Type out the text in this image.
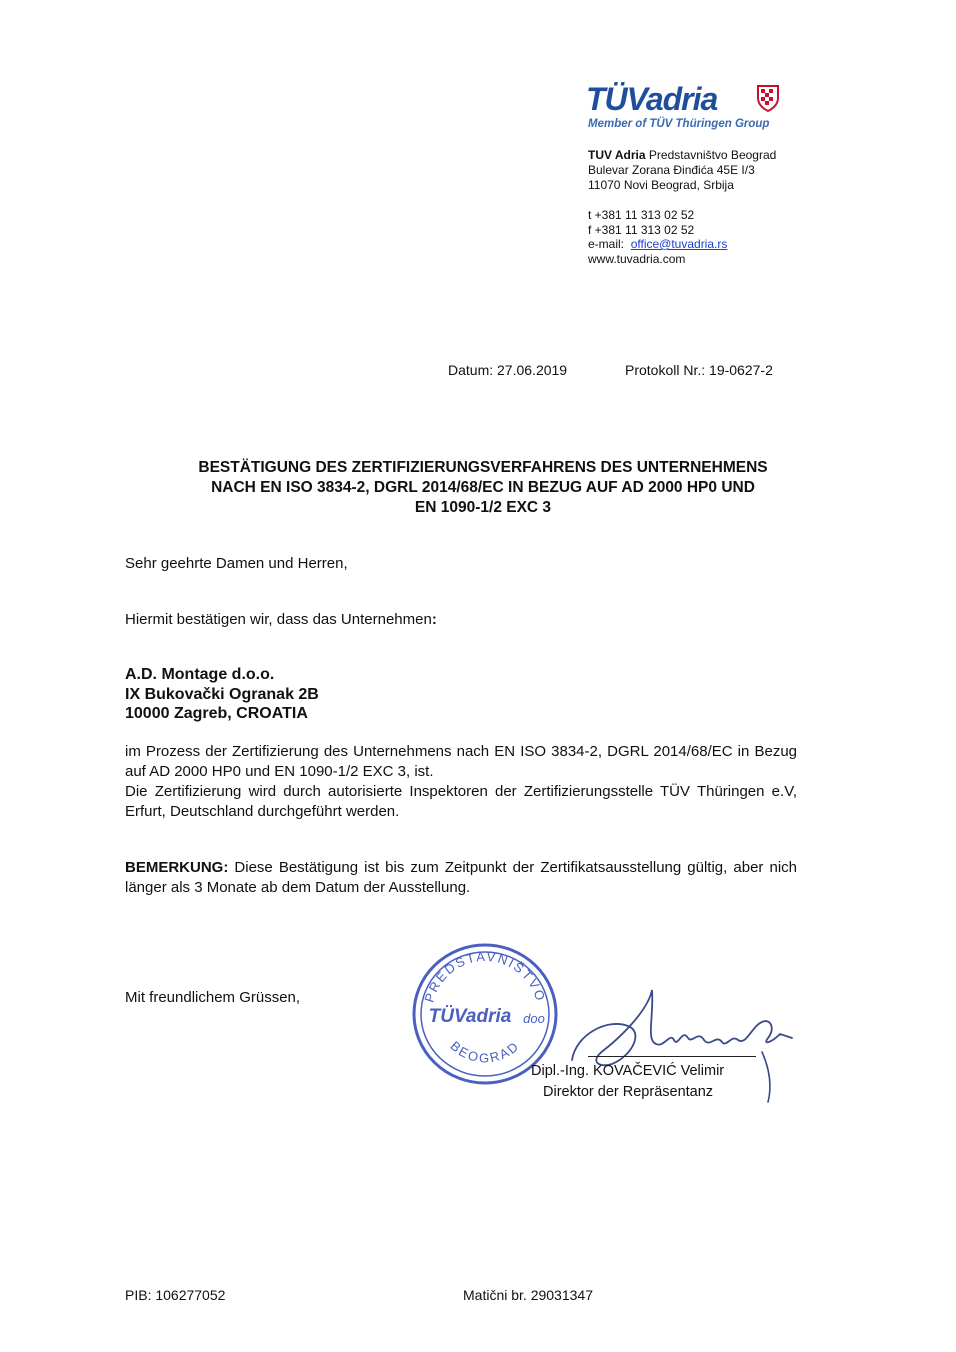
TÜVadria
Member of TÜV Thüringen Group
TUV Adria Predstavništvo Beograd
Bulevar Zorana Đinđića 45E I/3
11070 Novi Beograd, Srbija
t +381 11 313 02 52
f +381 11 313 02 52
e-mail: office@tuvadria.rs
www.tuvadria.com
Datum: 27.06.2019	Protokoll Nr.: 19-0627-2
BESTÄTIGUNG DES ZERTIFIZIERUNGSVERFAHRENS DES UNTERNEHMENS
NACH EN ISO 3834-2, DGRL 2014/68/EC IN BEZUG AUF AD 2000 HP0 UND
EN 1090-1/2 EXC 3
Sehr geehrte Damen und Herren,
Hiermit bestätigen wir, dass das Unternehmen:
A.D. Montage d.o.o.
IX Bukovački Ogranak 2B
10000 Zagreb, CROATIA
im Prozess der Zertifizierung des Unternehmens nach EN ISO 3834-2, DGRL 2014/68/EC in Bezug auf AD 2000 HP0 und EN 1090-1/2 EXC 3, ist.
Die Zertifizierung wird durch autorisierte Inspektoren der Zertifizierungsstelle TÜV Thüringen e.V, Erfurt, Deutschland durchgeführt werden.
BEMERKUNG: Diese Bestätigung ist bis zum Zeitpunkt der Zertifikatsausstellung gültig, aber nich länger als 3 Monate ab dem Datum der Ausstellung.
Mit freundlichem Grüssen,	PREDSTAVNIŠTVO
TÜVadria doo
BEOGRAD
Dipl.-Ing. KOVAČEVIĆ Velimir
Direktor der Repräsentanz
PIB: 106277052	Matični br. 29031347
